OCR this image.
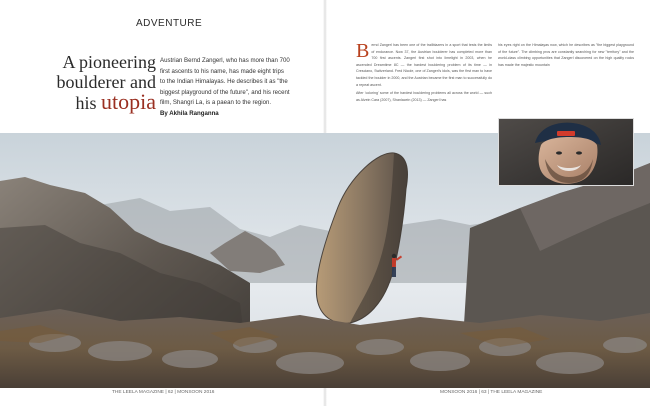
ADVENTURE
A pioneering
boulderer and
his utopia
Austrian Bernd Zangerl, who has more than 700 first ascents to his name, has made eight trips to the Indian Himalayas. He describes it as "the biggest playground of the future", and his recent film, Shangri La, is a paean to the region.
By Akhila Ranganna
B ernd Zangerl has been one of the trailblazers in a sport that tests the limits of endurance. Now 37, the Austrian boulderer has completed more than 700 first ascents. Zangerl first shot into limelight in 2003, when he ascended Dreamtime 8C — the hardest bouldering problem of its time — in Cresciano, Switzerland. Fred Nicole, one of Zangerl's idols, was the first man to have tackled the boulder in 2000, and the Austrian became the first man to successfully do a repeat ascent.
After 'coloring' some of the hardest bouldering problems all across the world — such as Alvein Cara (2007), Shanlacein (2013) — Zangerl has
his eyes right on the Himalayas now, which he describes as "the biggest playground of the future". The climbing pros are constantly searching for new "territory" and the world-class climbing opportunities that Zangerl discovered on the high quality rocks has made the majestic mountain
THE LEELA MAGAZINE | 62 | MONSOON 2016	MONSOON 2016 | 63 | THE LEELA MAGAZINE
